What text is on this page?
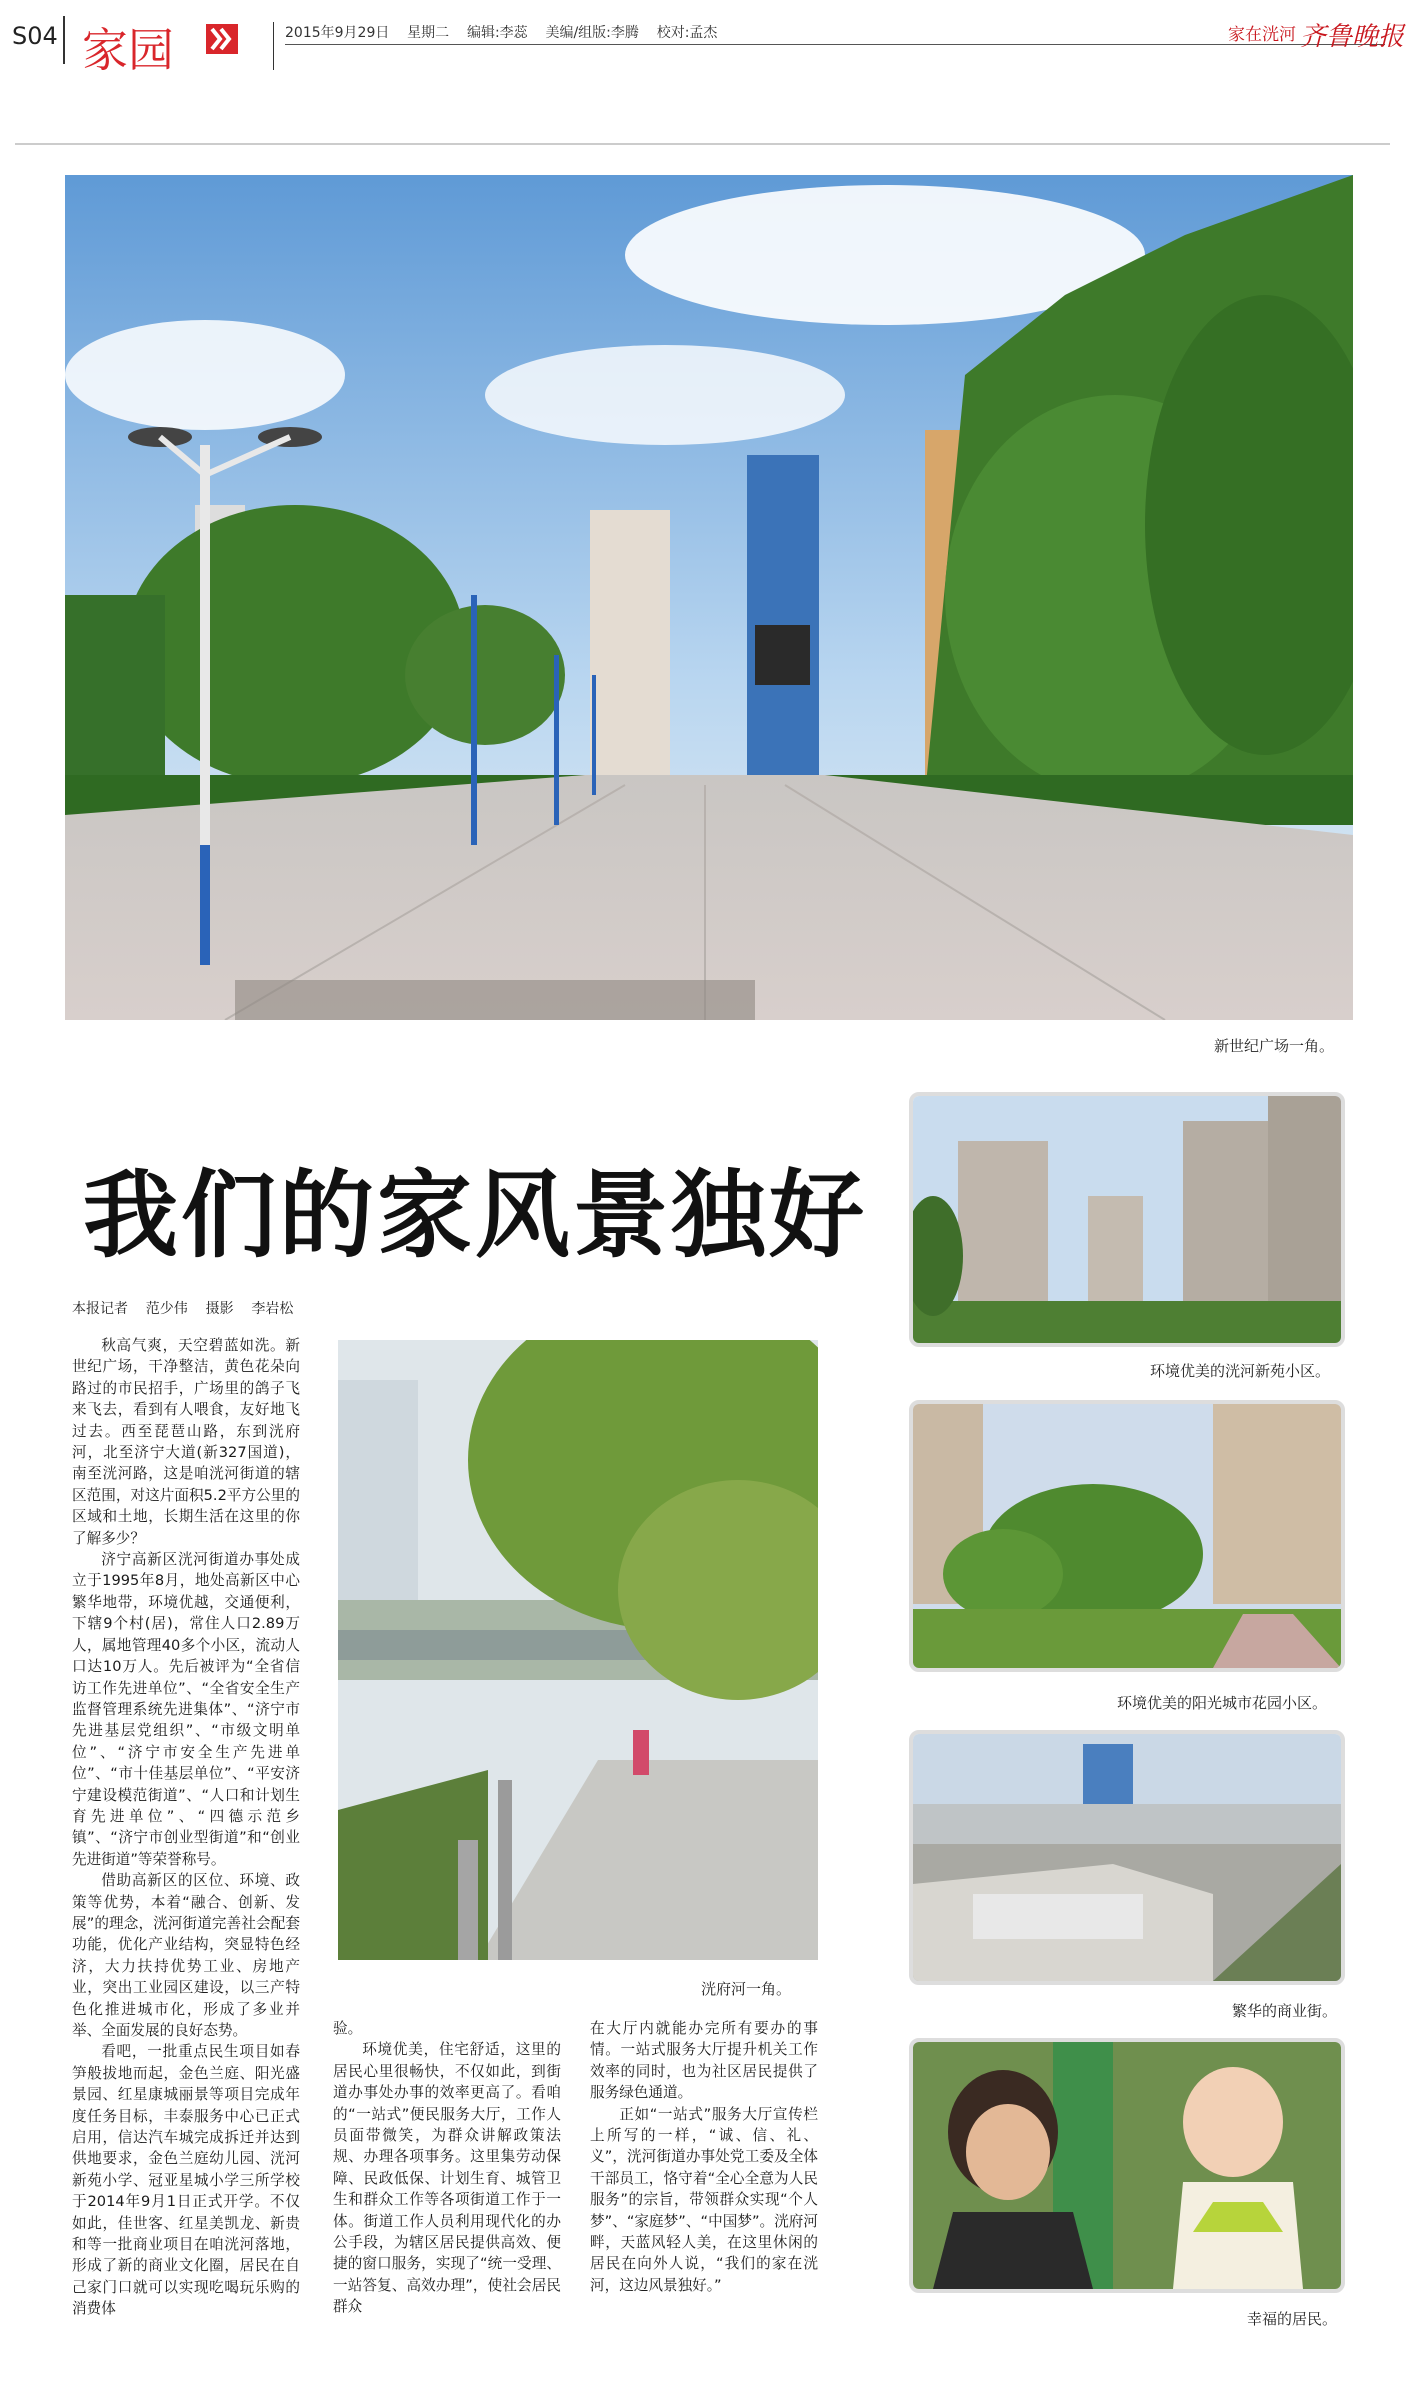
S04 家园	2015年9月29日    星期二    编辑:李蕊    美编/组版:李腾    校对:孟杰	家在洸河 齐鲁晚报
新世纪广场一角。
我们的家风景独好
本报记者    范少伟    摄影    李岩松
洸府河一角。

秋高气爽，天空碧蓝如洗。新世纪广场，干净整洁，黄色花朵向路过的市民招手，广场里的鸽子飞来飞去，看到有人喂食，友好地飞过去。西至琵琶山路，东到洸府河，北至济宁大道(新327国道)，南至洸河路，这是咱洸河街道的辖区范围，对这片面积5.2平方公里的区域和土地，长期生活在这里的你了解多少？

济宁高新区洸河街道办事处成立于1995年8月，地处高新区中心繁华地带，环境优越，交通便利，下辖9个村(居)，常住人口2.89万人，属地管理40多个小区，流动人口达10万人。先后被评为“全省信访工作先进单位”、“全省安全生产监督管理系统先进集体”、“济宁市先进基层党组织”、“市级文明单位”、“济宁市安全生产先进单位”、“市十佳基层单位”、“平安济宁建设模范街道”、“人口和计划生育先进单位”、“四德示范乡镇”、“济宁市创业型街道”和“创业先进街道”等荣誉称号。

借助高新区的区位、环境、政策等优势，本着“融合、创新、发展”的理念，洸河街道完善社会配套功能，优化产业结构，突显特色经济，大力扶持优势工业、房地产业，突出工业园区建设，以三产特色化推进城市化，形成了多业并举、全面发展的良好态势。

看吧，一批重点民生项目如春笋般拔地而起，金色兰庭、阳光盛景园、红星康城丽景等项目完成年度任务目标，丰泰服务中心已正式启用，信达汽车城完成拆迁并达到供地要求，金色兰庭幼儿园、洸河新苑小学、冠亚星城小学三所学校于2014年9月1日正式开学。不仅如此，佳世客、红星美凯龙、新贵和等一批商业项目在咱洸河落地，形成了新的商业文化圈，居民在自己家门口就可以实现吃喝玩乐购的消费体

验。

环境优美，住宅舒适，这里的居民心里很畅快，不仅如此，到街道办事处办事的效率更高了。看咱的“一站式”便民服务大厅，工作人员面带微笑，为群众讲解政策法规、办理各项事务。这里集劳动保障、民政低保、计划生育、城管卫生和群众工作等各项街道工作于一体。街道工作人员利用现代化的办公手段，为辖区居民提供高效、便捷的窗口服务，实现了“统一受理、一站答复、高效办理”，使社会居民群众

在大厅内就能办完所有要办的事情。一站式服务大厅提升机关工作效率的同时，也为社区居民提供了服务绿色通道。

正如“一站式”服务大厅宣传栏上所写的一样，“诚、信、礼、义”，洸河街道办事处党工委及全体干部员工，恪守着“全心全意为人民服务”的宗旨，带领群众实现“个人梦”、“家庭梦”、“中国梦”。洸府河畔，天蓝风轻人美，在这里休闲的居民在向外人说，“我们的家在洸河，这边风景独好。”

环境优美的洸河新苑小区。
环境优美的阳光城市花园小区。
繁华的商业街。
幸福的居民。
